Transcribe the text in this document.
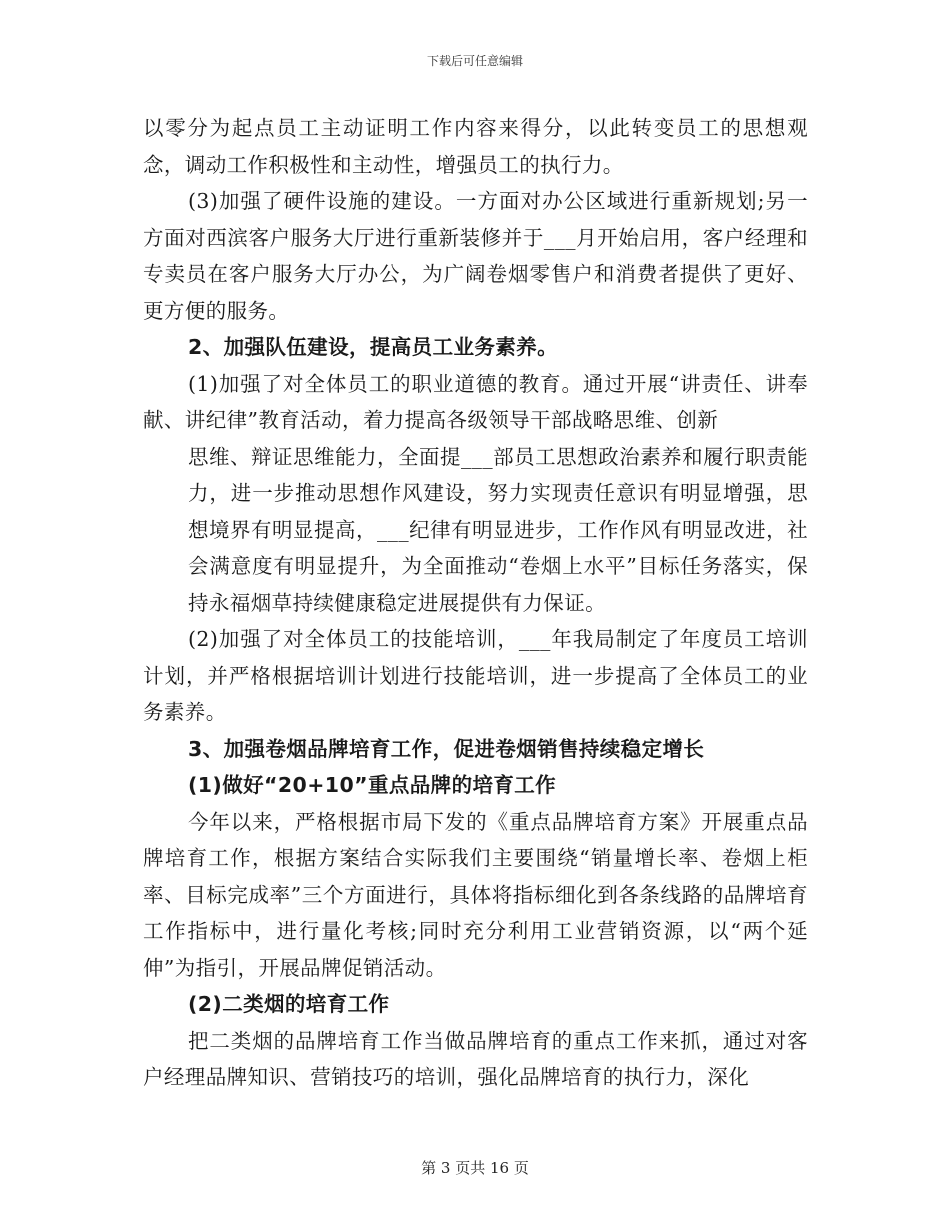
下载后可任意编辑

以零分为起点员工主动证明工作内容来得分，以此转变员工的思想观念，调动工作积极性和主动性，增强员工的执行力。

(3)加强了硬件设施的建设。一方面对办公区域进行重新规划;另一方面对西滨客户服务大厅进行重新装修并于___月开始启用，客户经理和专卖员在客户服务大厅办公，为广阔卷烟零售户和消费者提供了更好、更方便的服务。

2、加强队伍建设，提高员工业务素养。

(1)加强了对全体员工的职业道德的教育。通过开展“讲责任、讲奉献、讲纪律”教育活动，着力提高各级领导干部战略思维、创新

思维、辩证思维能力，全面提___部员工思想政治素养和履行职责能力，进一步推动思想作风建设，努力实现责任意识有明显增强，思想境界有明显提高，___纪律有明显进步，工作作风有明显改进，社会满意度有明显提升，为全面推动“卷烟上水平”目标任务落实，保持永福烟草持续健康稳定进展提供有力保证。

(2)加强了对全体员工的技能培训，___年我局制定了年度员工培训计划，并严格根据培训计划进行技能培训，进一步提高了全体员工的业务素养。

3、加强卷烟品牌培育工作，促进卷烟销售持续稳定增长

(1)做好“20+10”重点品牌的培育工作

今年以来，严格根据市局下发的《重点品牌培育方案》开展重点品牌培育工作，根据方案结合实际我们主要围绕“销量增长率、卷烟上柜率、目标完成率”三个方面进行，具体将指标细化到各条线路的品牌培育工作指标中，进行量化考核;同时充分利用工业营销资源，以“两个延伸”为指引，开展品牌促销活动。

(2)二类烟的培育工作

把二类烟的品牌培育工作当做品牌培育的重点工作来抓，通过对客户经理品牌知识、营销技巧的培训，强化品牌培育的执行力，深化

第 3 页共 16 页
